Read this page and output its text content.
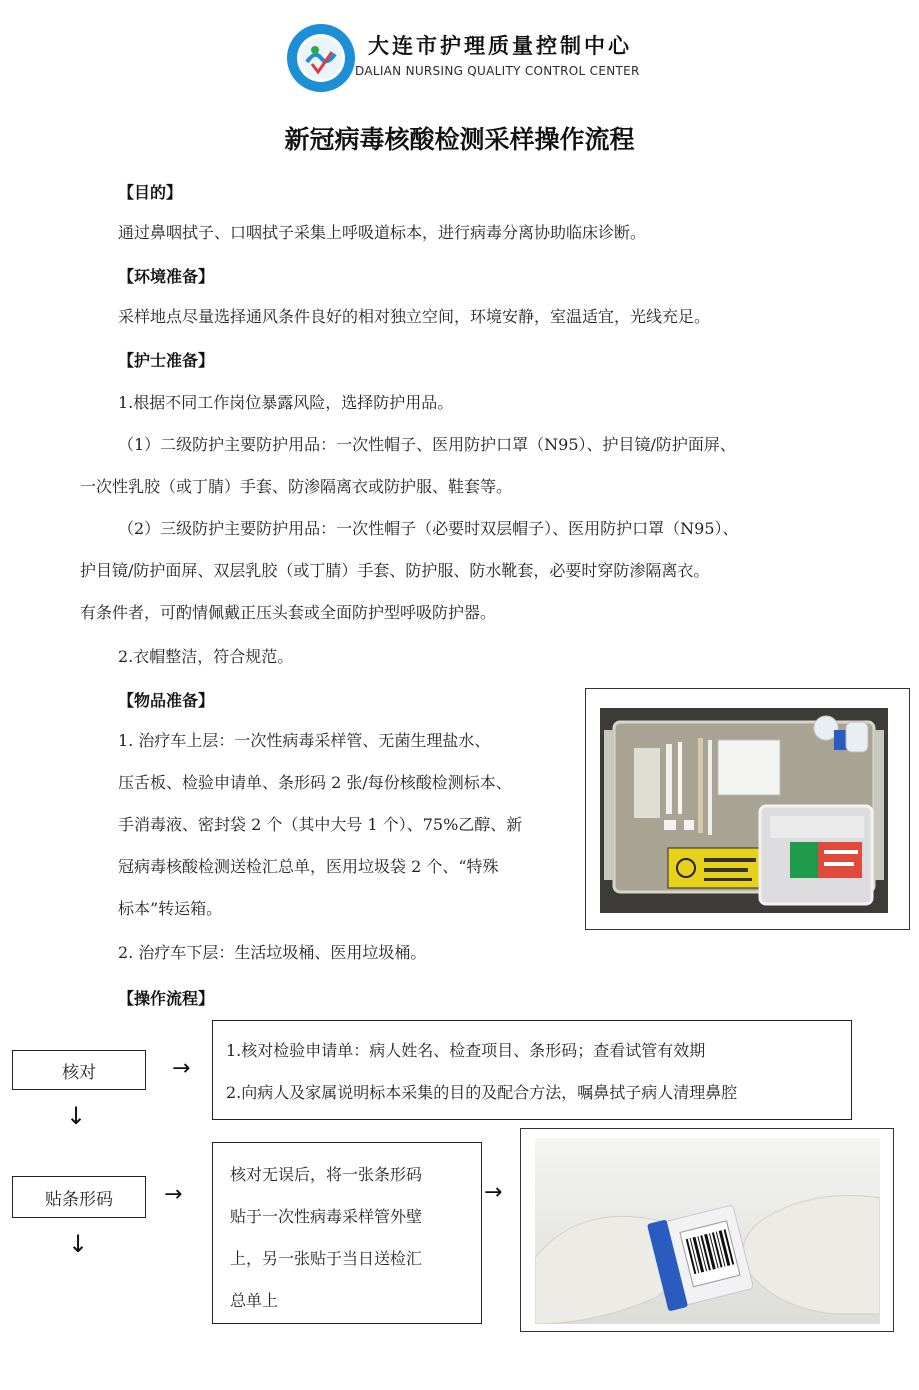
大连市护理质量控制中心
DALIAN NURSING QUALITY CONTROL CENTER
新冠病毒核酸检测采样操作流程
【目的】
通过鼻咽拭子、口咽拭子采集上呼吸道标本，进行病毒分离协助临床诊断。
【环境准备】
采样地点尽量选择通风条件良好的相对独立空间，环境安静，室温适宜，光线充足。
【护士准备】
1.根据不同工作岗位暴露风险，选择防护用品。
（1）二级防护主要防护用品：一次性帽子、医用防护口罩（N95）、护目镜/防护面屏、
一次性乳胶（或丁腈）手套、防渗隔离衣或防护服、鞋套等。
（2）三级防护主要防护用品：一次性帽子（必要时双层帽子）、医用防护口罩（N95）、
护目镜/防护面屏、双层乳胶（或丁腈）手套、防护服、防水靴套，必要时穿防渗隔离衣。
有条件者，可酌情佩戴正压头套或全面防护型呼吸防护器。
2.衣帽整洁，符合规范。
【物品准备】
1. 治疗车上层：一次性病毒采样管、无菌生理盐水、
压舌板、检验申请单、条形码 2 张/每份核酸检测标本、
手消毒液、密封袋 2 个（其中大号 1 个）、75%乙醇、新
冠病毒核酸检测送检汇总单，医用垃圾袋 2 个、“特殊
标本”转运箱。
2. 治疗车下层：生活垃圾桶、医用垃圾桶。
【操作流程】
核对	→
1.核对检验申请单：病人姓名、检查项目、条形码；查看试管有效期
2.向病人及家属说明标本采集的目的及配合方法，嘱鼻拭子病人清理鼻腔
↓
贴条形码 →
核对无误后，将一张条形码
贴于一次性病毒采样管外壁
上，另一张贴于当日送检汇
总单上
→
↓
